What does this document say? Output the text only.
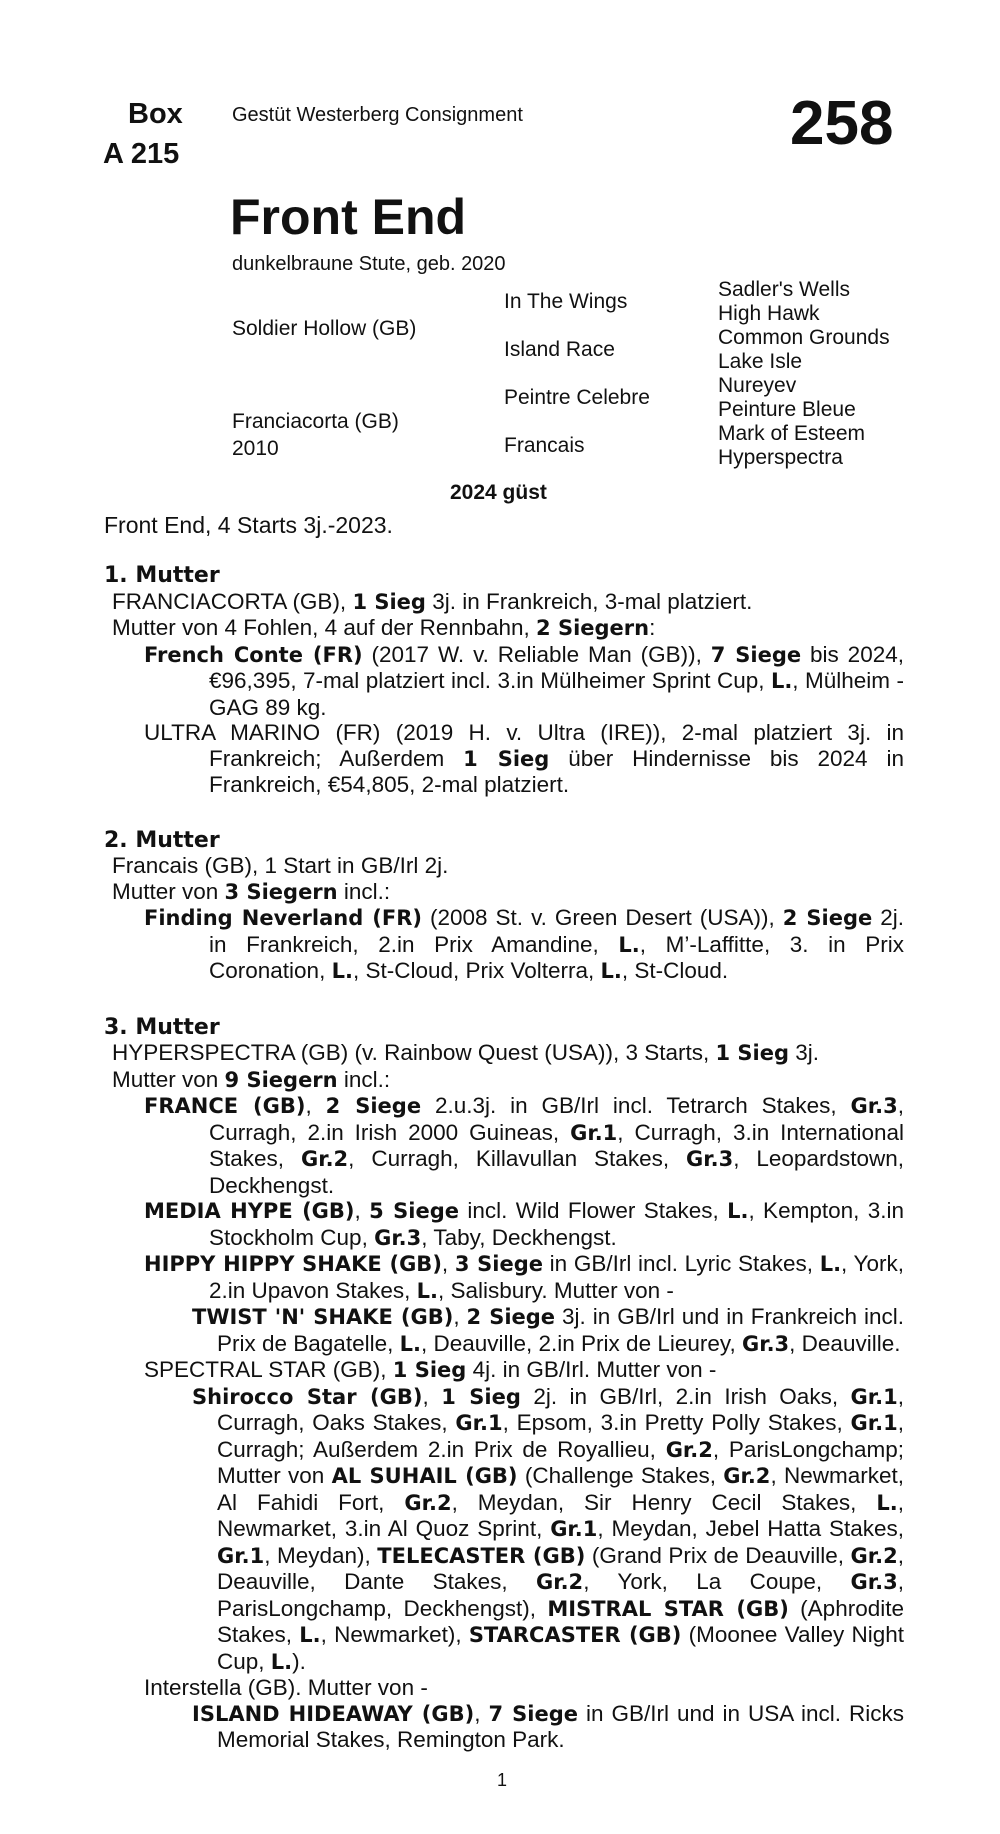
Box
A 215
Gestüt Westerberg Consignment	258
Front End
dunkelbraune Stute, geb. 2020
Soldier Hollow (GB)
Franciacorta (GB)
2010
In The Wings
Island Race
Peintre Celebre
Francais
Sadler's Wells
High Hawk
Common Grounds
Lake Isle
Nureyev
Peinture Bleue
Mark of Esteem
Hyperspectra
2024 güst
Front End, 4 Starts 3j.-2023.
1. Mutter
FRANCIACORTA (GB), 1 Sieg 3j. in Frankreich, 3-mal platziert.
Mutter von 4 Fohlen, 4 auf der Rennbahn, 2 Siegern:
French Conte (FR) (2017 W. v. Reliable Man (GB)), 7 Siege bis 2024, €96,395, 7-mal platziert incl. 3.in Mülheimer Sprint Cup, L., Mülheim - GAG 89 kg.
ULTRA MARINO (FR) (2019 H. v. Ultra (IRE)), 2-mal platziert 3j. in Frankreich; Außerdem 1 Sieg über Hindernisse bis 2024 in Frankreich, €54,805, 2-mal platziert.
2. Mutter
Francais (GB), 1 Start in GB/Irl 2j.
Mutter von 3 Siegern incl.:
Finding Neverland (FR) (2008 St. v. Green Desert (USA)), 2 Siege 2j. in Frankreich, 2.in Prix Amandine, L., M’-Laffitte, 3. in Prix Coronation, L., St-Cloud, Prix Volterra, L., St-Cloud.
3. Mutter
HYPERSPECTRA (GB) (v. Rainbow Quest (USA)), 3 Starts, 1 Sieg 3j.
Mutter von 9 Siegern incl.:
FRANCE (GB), 2 Siege 2.u.3j. in GB/Irl incl. Tetrarch Stakes, Gr.3, Curragh, 2.in Irish 2000 Guineas, Gr.1, Curragh, 3.in International Stakes, Gr.2, Curragh, Killavullan Stakes, Gr.3, Leopardstown, Deckhengst.
MEDIA HYPE (GB), 5 Siege incl. Wild Flower Stakes, L., Kempton, 3.in Stockholm Cup, Gr.3, Taby, Deckhengst.
HIPPY HIPPY SHAKE (GB), 3 Siege in GB/Irl incl. Lyric Stakes, L., York, 2.in Upavon Stakes, L., Salisbury. Mutter von -
TWIST 'N' SHAKE (GB), 2 Siege 3j. in GB/Irl und in Frankreich incl. Prix de Bagatelle, L., Deauville, 2.in Prix de Lieurey, Gr.3, Deauville.
SPECTRAL STAR (GB), 1 Sieg 4j. in GB/Irl. Mutter von -
Shirocco Star (GB), 1 Sieg 2j. in GB/Irl, 2.in Irish Oaks, Gr.1, Curragh, Oaks Stakes, Gr.1, Epsom, 3.in Pretty Polly Stakes, Gr.1, Curragh; Außerdem 2.in Prix de Royallieu, Gr.2, ParisLongchamp; Mutter von AL SUHAIL (GB) (Challenge Stakes, Gr.2, Newmarket, Al Fahidi Fort, Gr.2, Meydan, Sir Henry Cecil Stakes, L., Newmarket, 3.in Al Quoz Sprint, Gr.1, Meydan, Jebel Hatta Stakes, Gr.1, Meydan), TELECASTER (GB) (Grand Prix de Deauville, Gr.2, Deauville, Dante Stakes, Gr.2, York, La Coupe, Gr.3, ParisLongchamp, Deckhengst), MISTRAL STAR (GB) (Aphrodite Stakes, L., Newmarket), STARCASTER (GB) (Moonee Valley Night Cup, L.).
Interstella (GB). Mutter von -
ISLAND HIDEAWAY (GB), 7 Siege in GB/Irl und in USA incl. Ricks Memorial Stakes, Remington Park.
1
